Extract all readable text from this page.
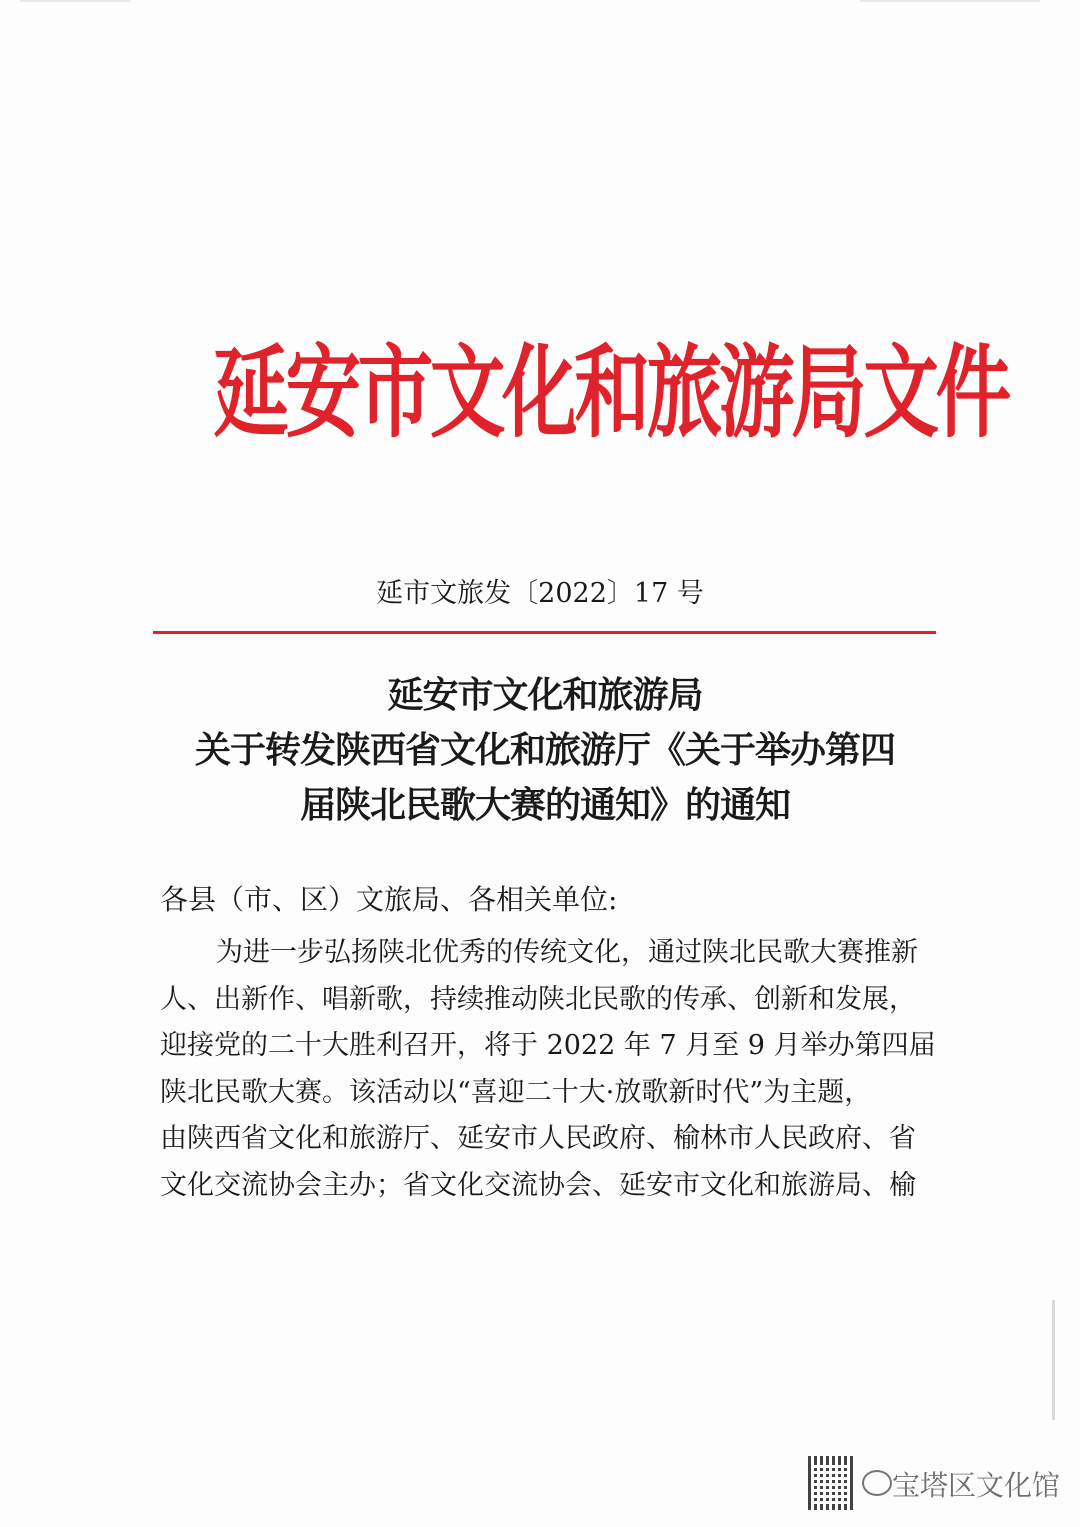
延安市文化和旅游局文件
延市文旅发〔2022〕17 号
延安市文化和旅游局
关于转发陕西省文化和旅游厅《关于举办第四
届陕北民歌大赛的通知》的通知
各县（市、区）文旅局、各相关单位:
为进一步弘扬陕北优秀的传统文化，通过陕北民歌大赛推新
人、出新作、唱新歌，持续推动陕北民歌的传承、创新和发展，
迎接党的二十大胜利召开，将于 2022 年 7 月至 9 月举办第四届
陕北民歌大赛。该活动以“喜迎二十大·放歌新时代”为主题，
由陕西省文化和旅游厅、延安市人民政府、榆林市人民政府、省
文化交流协会主办；省文化交流协会、延安市文化和旅游局、榆
宝塔区文化馆
